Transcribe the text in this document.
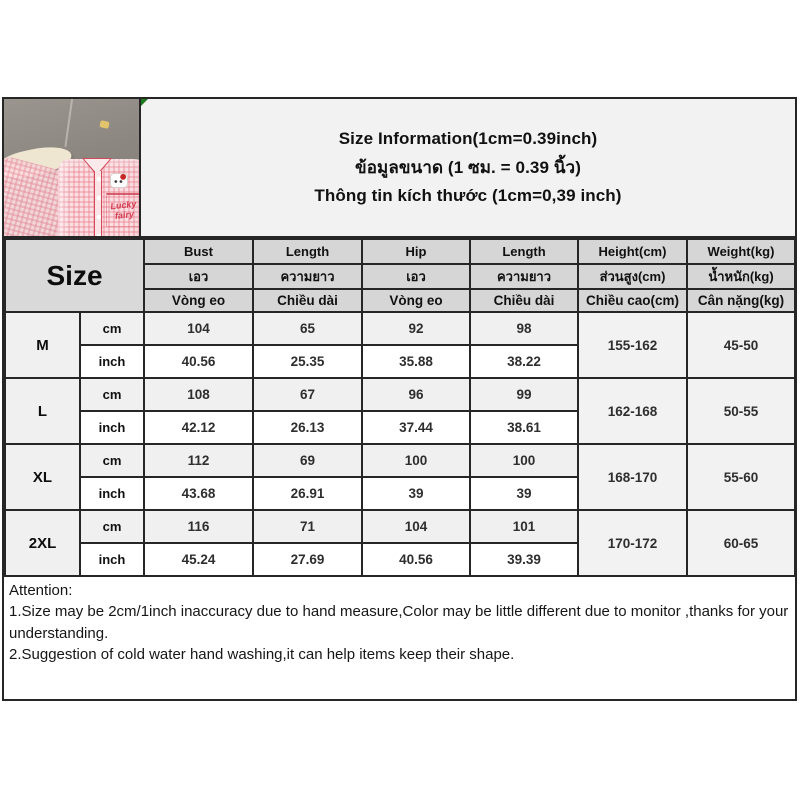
Lucky fairy
Size Information(1cm=0.39inch)
ข้อมูลขนาด (1 ซม. = 0.39 นิ้ว)
Thông tin kích thước (1cm=0,39 inch)
Size		Bust	Length	Hip	Length	Height(cm)	Weight(kg)
		เอว	ความยาว	เอว	ความยาว	ส่วนสูง(cm)	น้ำหนัก(kg)
		Vòng eo	Chiều dài	Vòng eo	Chiều dài	Chiều cao(cm)	Cân nặng(kg)
M	cm	104	65	92	98	155-162	45-50
	inch	40.56	25.35	35.88	38.22		
L	cm	108	67	96	99	162-168	50-55
	inch	42.12	26.13	37.44	38.61		
XL	cm	112	69	100	100	168-170	55-60
	inch	43.68	26.91	39	39		
2XL	cm	116	71	104	101	170-172	60-65
	inch	45.24	27.69	40.56	39.39		
Attention:
1.Size may be 2cm/1inch inaccuracy due to hand measure,Color may be little different due to monitor ,thanks for your understanding.
2.Suggestion of cold water hand washing,it can help items keep their shape.
